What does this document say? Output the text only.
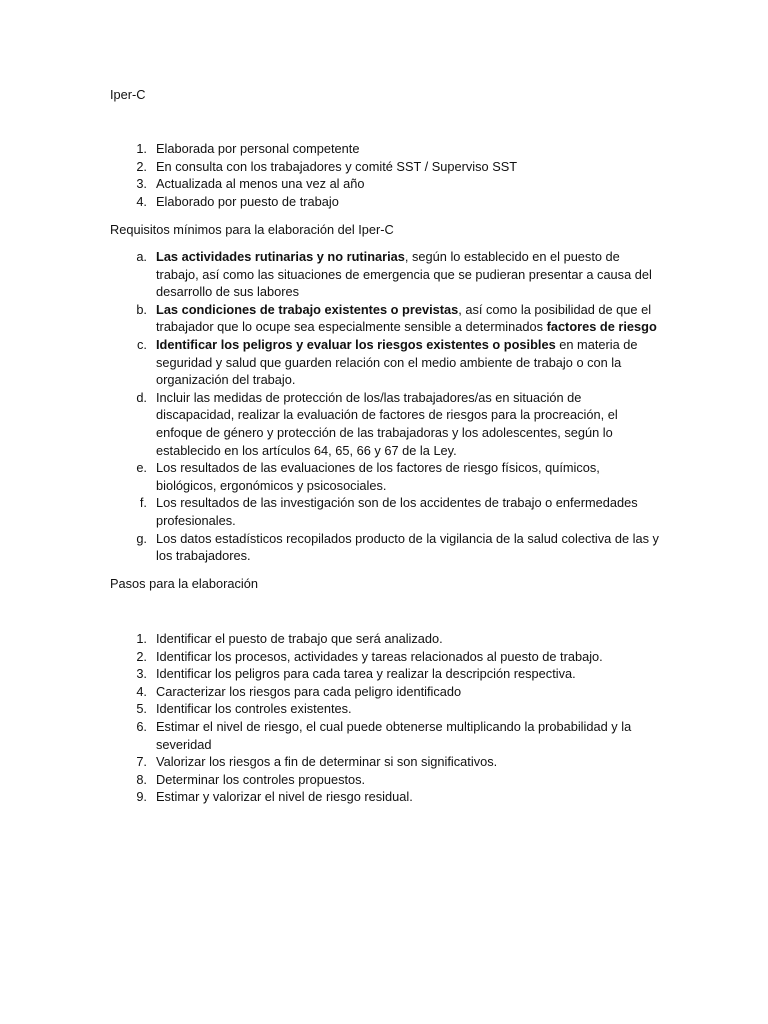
Iper-C

1. Elaborada por personal competente
2. En consulta con los trabajadores y comité SST / Superviso SST
3. Actualizada al menos una vez al año
4. Elaborado por puesto de trabajo

Requisitos mínimos para la elaboración del Iper-C

a. Las actividades rutinarias y no rutinarias, según lo establecido en el puesto de trabajo, así como las situaciones de emergencia que se pudieran presentar a causa del desarrollo de sus labores
b. Las condiciones de trabajo existentes o previstas, así como la posibilidad de que el trabajador que lo ocupe sea especialmente sensible a determinados factores de riesgo
c. Identificar los peligros y evaluar los riesgos existentes o posibles en materia de seguridad y salud que guarden relación con el medio ambiente de trabajo o con la organización del trabajo.
d. Incluir las medidas de protección de los/las trabajadores/as en situación de discapacidad, realizar la evaluación de factores de riesgos para la procreación, el enfoque de género y protección de las trabajadoras y los adolescentes, según lo establecido en los artículos 64, 65, 66 y 67 de la Ley.
e. Los resultados de las evaluaciones de los factores de riesgo físicos, químicos, biológicos, ergonómicos y psicosociales.
f. Los resultados de las investigación son de los accidentes de trabajo o enfermedades profesionales.
g. Los datos estadísticos recopilados producto de la vigilancia de la salud colectiva de las y los trabajadores.

Pasos para la elaboración

1. Identificar el puesto de trabajo que será analizado.
2. Identificar los procesos, actividades y tareas relacionados al puesto de trabajo.
3. Identificar los peligros para cada tarea y realizar la descripción respectiva.
4. Caracterizar los riesgos para cada peligro identificado
5. Identificar los controles existentes.
6. Estimar el nivel de riesgo, el cual puede obtenerse multiplicando la probabilidad y la severidad
7. Valorizar los riesgos a fin de determinar si son significativos.
8. Determinar los controles propuestos.
9. Estimar y valorizar el nivel de riesgo residual.
